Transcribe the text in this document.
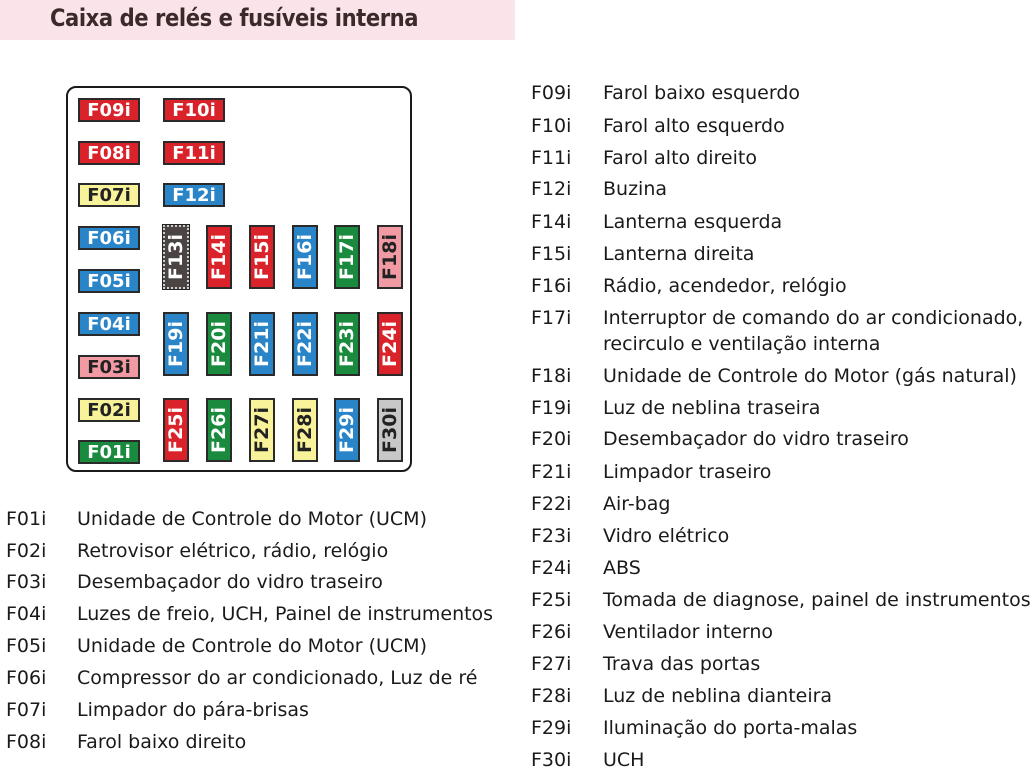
Caixa de relés e fusíveis interna
F09i F10i
F08i F11i
F07i F12i
F06i
F05i
F04i
F03i
F02i
F01i
F13i F14i F15i F16i F17i F18i
F19i F20i F21i F22i F23i F24i
F25i F26i F27i F28i F29i F30i
F01i Unidade de Controle do Motor (UCM)
F02i Retrovisor elétrico, rádio, relógio
F03i Desembaçador do vidro traseiro
F04i Luzes de freio, UCH, Painel de instrumentos
F05i Unidade de Controle do Motor (UCM)
F06i Compressor do ar condicionado, Luz de ré
F07i Limpador do pára-brisas
F08i Farol baixo direito
F09i Farol baixo esquerdo
F10i Farol alto esquerdo
F11i Farol alto direito
F12i Buzina
F14i Lanterna esquerda
F15i Lanterna direita
F16i Rádio, acendedor, relógio
F17i Interruptor de comando do ar condicionado,
recirculo e ventilação interna
F18i Unidade de Controle do Motor (gás natural)
F19i Luz de neblina traseira
F20i Desembaçador do vidro traseiro
F21i Limpador traseiro
F22i Air-bag
F23i Vidro elétrico
F24i ABS
F25i Tomada de diagnose, painel de instrumentos
F26i Ventilador interno
F27i Trava das portas
F28i Luz de neblina dianteira
F29i Iluminação do porta-malas
F30i UCH
